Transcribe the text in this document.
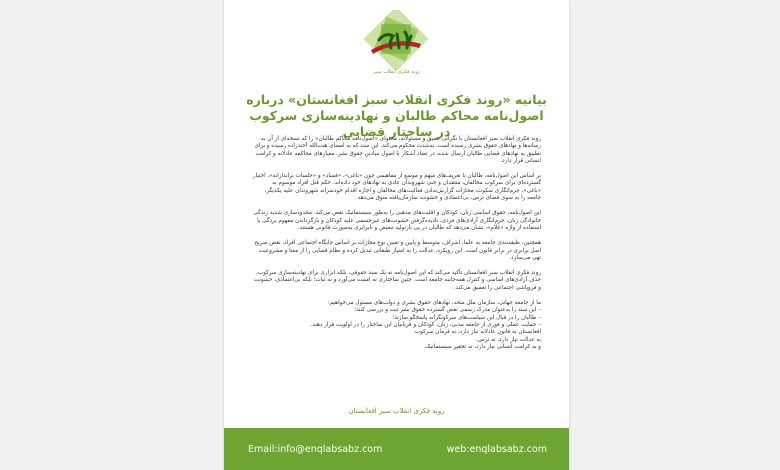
روند فکری انقلاب سبز
بیانیه «روند فکری انقلاب سبز افغانستان» درباره اصول‌نامه محاکم طالبان و نهادینه‌سازی سرکوب در ساختار قضایی

روند فکری انقلاب سبز افغانستان با نگرانی عمیق و مسئولانه، محتوای «اصول‌نامه محاکم طالبان» را که نسخه‌ای از آن به رسانه‌ها و نهادهای حقوق بشری رسیده است، به‌شدت محکوم می‌کند. این سند که به امضای هبت‌الله آخندزاده رسیده و برای تطبیق به نهادهای قضایی طالبان ارسال شده، در تضاد آشکار با اصول بنیادین حقوق بشر، معیارهای محاکمه عادلانه و کرامت انسانی قرار دارد.

بر اساس این اصول‌نامه، طالبان با تعریف‌های مبهم و موسع از مفاهیمی چون «باغی»، «فساد» و «جلسات براندازانه»، اختیار گسترده‌ای برای سرکوب مخالفان، منتقدان و حتی شهروندان عادی به نهادهای خود داده‌اند. حکم قتل افراد موسوم به «باغی»، جرم‌انگاری سکوت، مجازات گزارش‌ندادن فعالیت‌های مخالفان و اجازه اقدام خودسرانه شهروندان علیه یکدیگر، جامعه را به سوی فضای ترس، بی‌اعتمادی و خشونت سازمان‌یافته سوق می‌دهد.

این اصول‌نامه، حقوق اساسی زنان، کودکان و اقلیت‌های مذهبی را به‌طور سیستماتیک نقض می‌کند. محدودسازی شدید زندگی خانوادگی زنان، جرم‌انگاری آزادی‌های فردی، نادیده‌گرفتن خشونت‌های غیرجسمی علیه کودکان و بازگرداندن مفهوم بردگی با استفاده از واژه «غلام»، نشان می‌دهد که طالبان در پی بازتولید تبعیض و نابرابری به‌صورت قانونی هستند.

همچنین، طبقه‌بندی جامعه به علما، اشراف، متوسط و پایین و تعیین نوع مجازات بر اساس جایگاه اجتماعی افراد، نقض صریح اصل برابری در برابر قانون است. این رویکرد، عدالت را به امتیاز طبقاتی تبدیل کرده و نظام قضایی را از معنا و مشروعیت تهی می‌سازد.

روند فکری انقلاب سبز افغانستان تأکید می‌کند که این اصول‌نامه نه یک سند حقوقی، بلکه ابزاری برای نهادینه‌سازی سرکوب، حذف آزادی‌های اساسی و کنترل همه‌جانبه جامعه است. چنین ساختاری نه امنیت می‌آورد و نه ثبات؛ بلکه بی‌اعتمادی، خشونت و فروپاشی اجتماعی را تعمیق می‌کند.

ما از جامعه جهانی، سازمان ملل متحد، نهادهای حقوق بشری و دولت‌های مسئول می‌خواهیم:

– این سند را به‌عنوان مدرک رسمی نقض گسترده حقوق بشر ثبت و بررسی کنند؛

– طالبان را در قبال این سیاست‌های سرکوبگرانه پاسخگو سازند؛

– حمایت عملی و فوری از جامعه مدنی، زنان، کودکان و قربانیان این ساختار را در اولویت قرار دهند.

افغانستان به قانونِ عادلانه نیاز دارد، نه فرمان سرکوب.

به عدالت نیاز دارد، نه ترس.

و به کرامت انسانی نیاز دارد، نه تحقیر سیستماتیک.

روند فکری انقلاب سبز افغانستان
Email:info@enqlabsabz.com	web:enqlabsabz.com
